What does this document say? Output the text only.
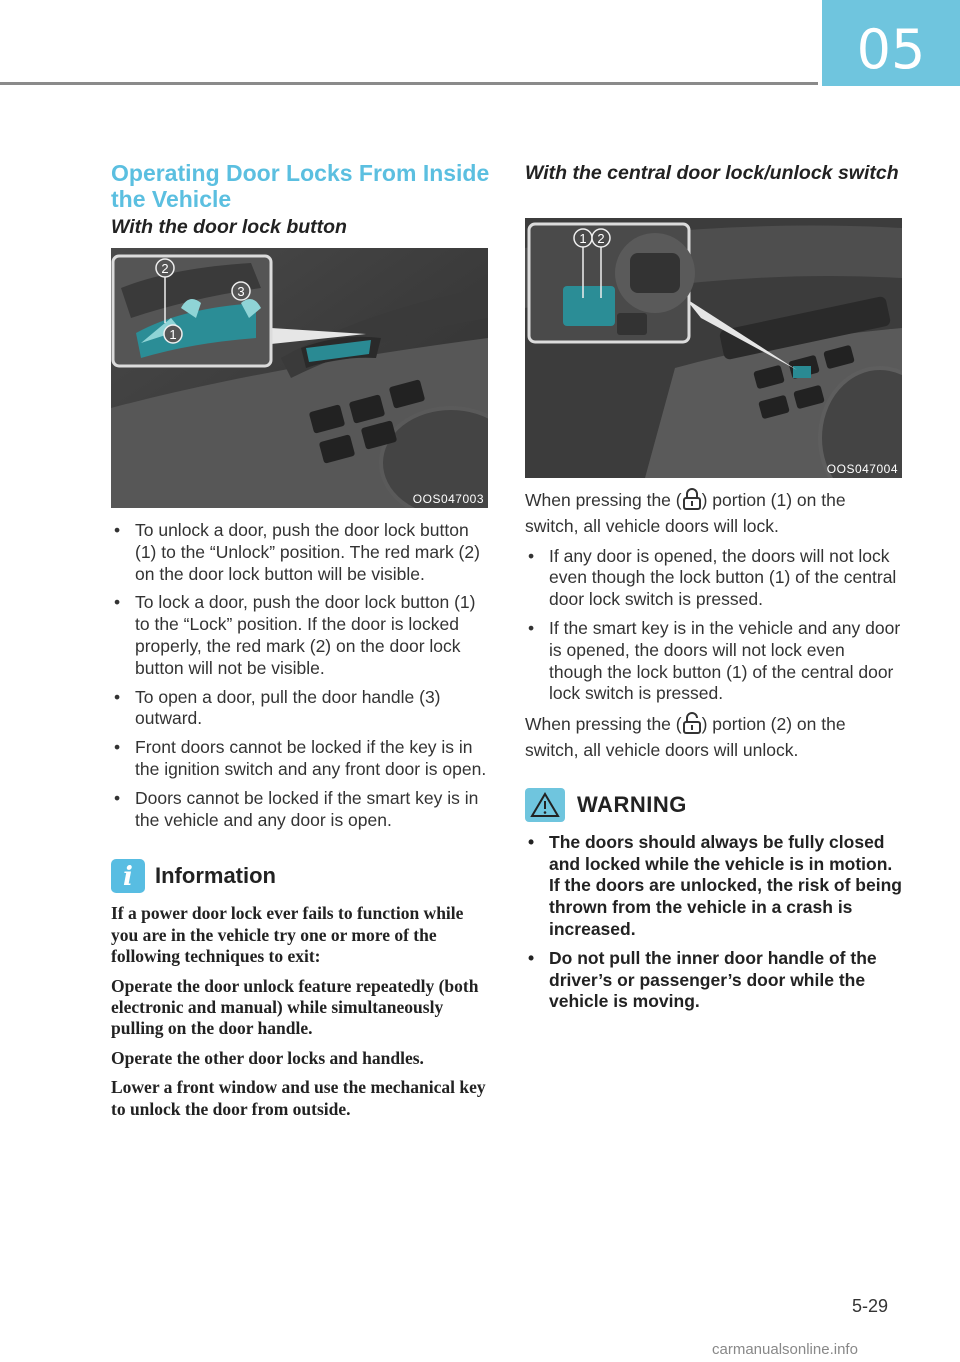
05
Operating Door Locks From Inside the Vehicle
With the door lock button
2
1
3
OOS047003
• To unlock a door, push the door lock button (1) to the “Unlock” position. The red mark (2) on the door lock button will be visible.
• To lock a door, push the door lock button (1) to the “Lock” position. If the door is locked properly, the red mark (2) on the door lock button will not be visible.
• To open a door, pull the door handle (3) outward.
• Front doors cannot be locked if the key is in the ignition switch and any front door is open.
• Doors cannot be locked if the smart key is in the vehicle and any door is open.
i	Information

If a power door lock ever fails to function while you are in the vehicle try one or more of the following techniques to exit:

Operate the door unlock feature repeatedly (both electronic and manual) while simultaneously pulling on the door handle.

Operate the other door locks and handles.

Lower a front window and use the mechanical key to unlock the door from outside.

With the central door lock/unlock switch
1 2
OOS047004

When pressing the ( ) portion (1) on the switch, all vehicle doors will lock.

• If any door is opened, the doors will not lock even though the lock button (1) of the central door lock switch is pressed.
• If the smart key is in the vehicle and any door is opened, the doors will not lock even though the lock button (1) of the central door lock switch is pressed.

When pressing the ( ) portion (2) on the switch, all vehicle doors will unlock.

WARNING
• The doors should always be fully closed and locked while the vehicle is in motion. If the doors are unlocked, the risk of being thrown from the vehicle in a crash is increased.
• Do not pull the inner door handle of the driver’s or passenger’s door while the vehicle is moving.
5-29
carmanualsonline.info
